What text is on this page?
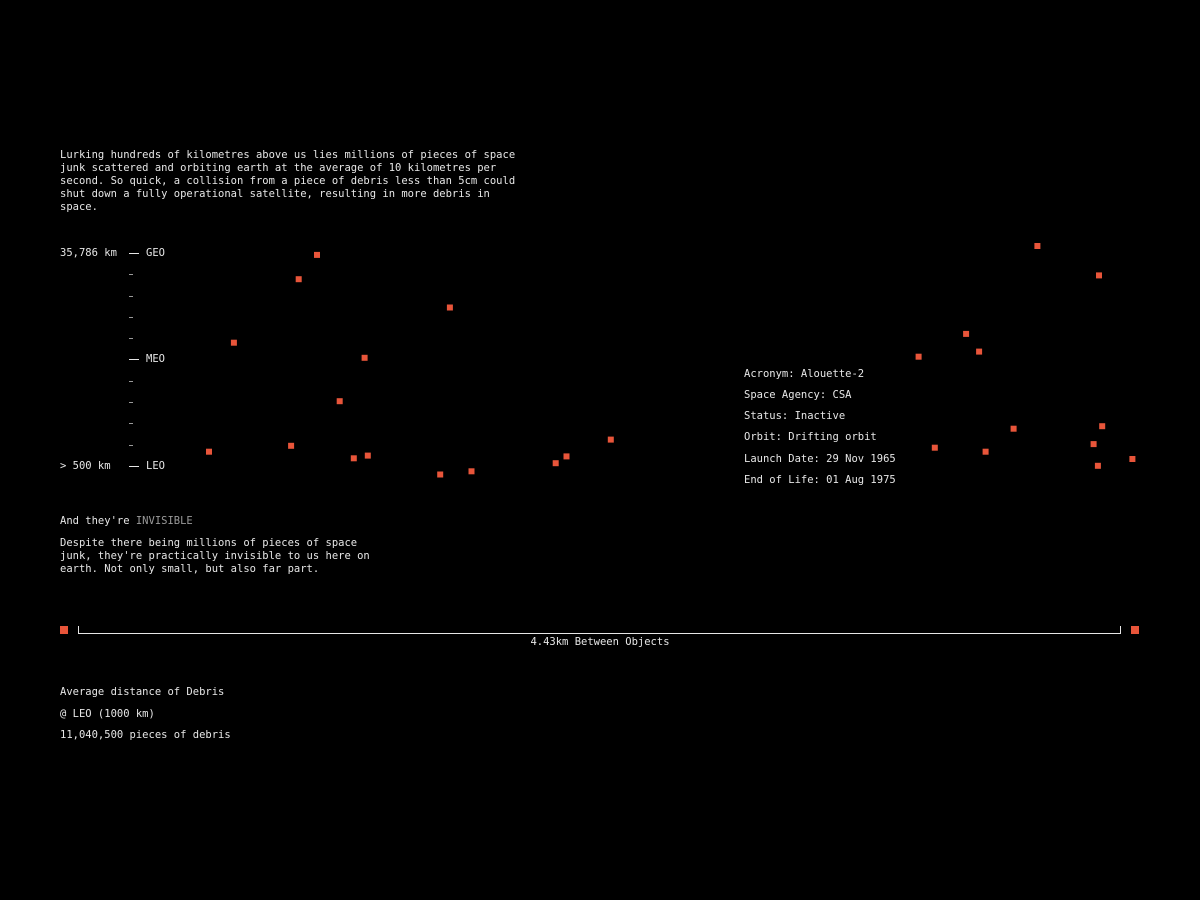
Lurking hundreds of kilometres above us lies millions of pieces of space junk scattered and orbiting earth at the average of 10 kilometres per second. So quick, a collision from a piece of debris less than 5cm could shut down a fully operational satellite, resulting in more debris in space.
35,786 km
> 500 km
GEO
MEO
LEO
Acronym: Alouette-2
Space Agency: CSA
Status: Inactive
Orbit: Drifting orbit
Launch Date: 29 Nov 1965
End of Life: 01 Aug 1975
And they're INVISIBLE
Despite there being millions of pieces of space junk, they're practically invisible to us here on earth. Not only small, but also far part.
4.43km Between Objects
Average distance of Debris
@ LEO (1000 km)
11,040,500 pieces of debris
